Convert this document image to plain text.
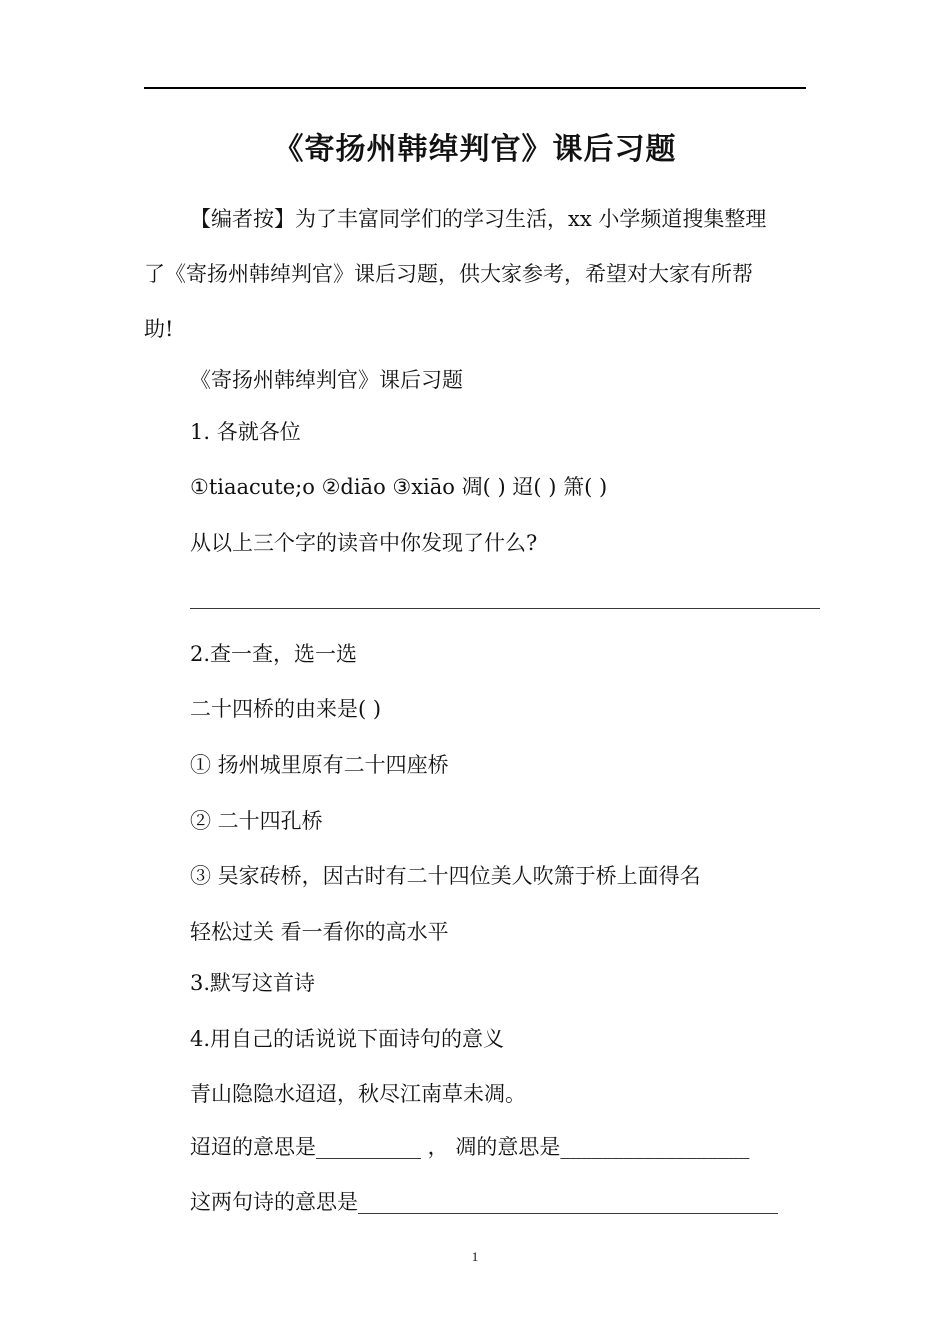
《寄扬州韩绰判官》课后习题
【编者按】为了丰富同学们的学习生活，xx 小学频道搜集整理
了《寄扬州韩绰判官》课后习题，供大家参考，希望对大家有所帮
助!
《寄扬州韩绰判官》课后习题
1. 各就各位
①tiaacute;o ②diāo ③xiāo 凋( ) 迢( ) 箫( )
从以上三个字的读音中你发现了什么?
____________________________________________________________
2.查一查，选一选
二十四桥的由来是( )
① 扬州城里原有二十四座桥
② 二十四孔桥
③ 吴家砖桥，因古时有二十四位美人吹箫于桥上面得名
轻松过关 看一看你的高水平
3.默写这首诗
4.用自己的话说说下面诗句的意义
青山隐隐水迢迢，秋尽江南草未凋。
迢迢的意思是__________ ， 凋的意思是__________________
这两句诗的意思是________________________________________
1
